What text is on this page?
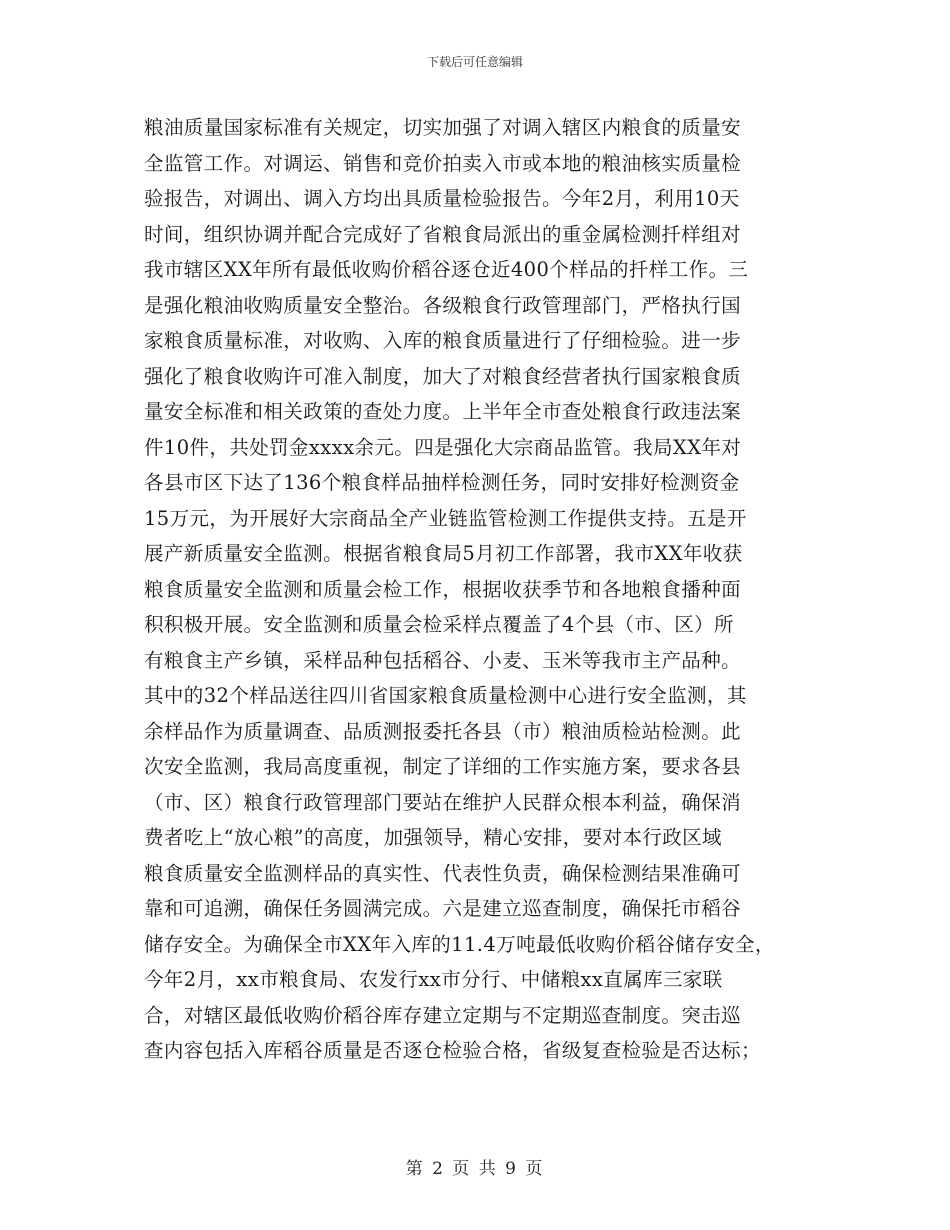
下载后可任意编辑
粮油质量国家标准有关规定，切实加强了对调入辖区内粮食的质量安
全监管工作。对调运、销售和竞价拍卖入市或本地的粮油核实质量检
验报告，对调出、调入方均出具质量检验报告。今年2月，利用10天
时间，组织协调并配合完成好了省粮食局派出的重金属检测扦样组对
我市辖区XX年所有最低收购价稻谷逐仓近400个样品的扦样工作。三
是强化粮油收购质量安全整治。各级粮食行政管理部门，严格执行国
家粮食质量标准，对收购、入库的粮食质量进行了仔细检验。进一步
强化了粮食收购许可准入制度，加大了对粮食经营者执行国家粮食质
量安全标准和相关政策的查处力度。上半年全市查处粮食行政违法案
件10件，共处罚金xxxx余元。四是强化大宗商品监管。我局XX年对
各县市区下达了136个粮食样品抽样检测任务，同时安排好检测资金
15万元，为开展好大宗商品全产业链监管检测工作提供支持。五是开
展产新质量安全监测。根据省粮食局5月初工作部署，我市XX年收获
粮食质量安全监测和质量会检工作，根据收获季节和各地粮食播种面
积积极开展。安全监测和质量会检采样点覆盖了4个县（市、区）所
有粮食主产乡镇，采样品种包括稻谷、小麦、玉米等我市主产品种。
其中的32个样品送往四川省国家粮食质量检测中心进行安全监测，其
余样品作为质量调查、品质测报委托各县（市）粮油质检站检测。此
次安全监测，我局高度重视，制定了详细的工作实施方案，要求各县
（市、区）粮食行政管理部门要站在维护人民群众根本利益，确保消
费者吃上“放心粮”的高度，加强领导，精心安排，要对本行政区域
粮食质量安全监测样品的真实性、代表性负责，确保检测结果准确可
靠和可追溯，确保任务圆满完成。六是建立巡查制度，确保托市稻谷
储存安全。为确保全市XX年入库的11.4万吨最低收购价稻谷储存安全，
今年2月，xx市粮食局、农发行xx市分行、中储粮xx直属库三家联
合，对辖区最低收购价稻谷库存建立定期与不定期巡查制度。突击巡
查内容包括入库稻谷质量是否逐仓检验合格，省级复查检验是否达标；
第 2 页 共 9 页
